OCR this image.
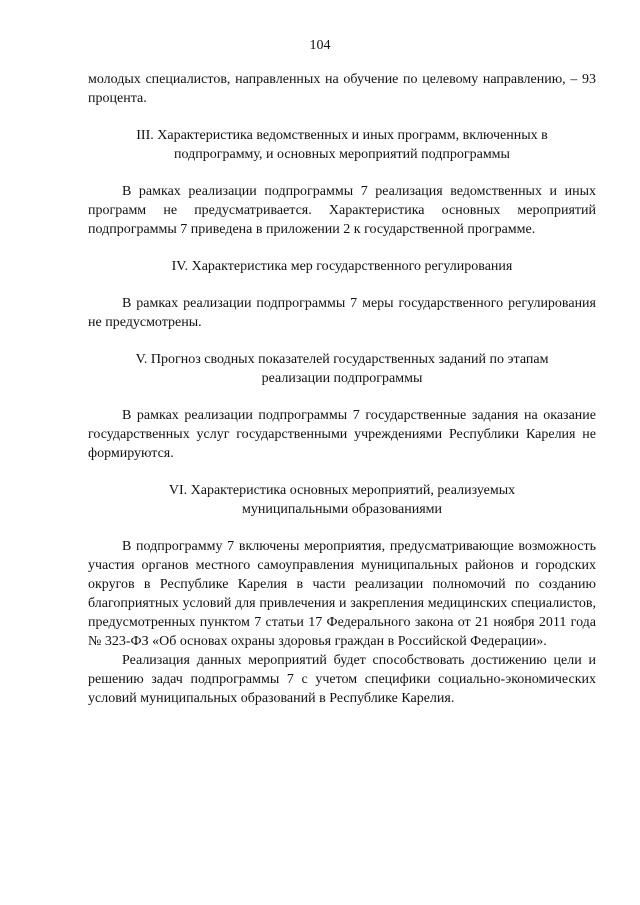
104

молодых специалистов, направленных на обучение по целевому направлению, – 93 процента.

III. Характеристика ведомственных и иных программ, включенных в подпрограмму, и основных мероприятий подпрограммы

В рамках реализации подпрограммы 7 реализация ведомственных и иных программ не предусматривается. Характеристика основных мероприятий подпрограммы 7 приведена в приложении 2 к государственной программе.

IV. Характеристика мер государственного регулирования

В рамках реализации подпрограммы 7 меры государственного регулирования не предусмотрены.

V. Прогноз сводных показателей государственных заданий по этапам реализации подпрограммы

В рамках реализации подпрограммы 7 государственные задания на оказание государственных услуг государственными учреждениями Республики Карелия не формируются.

VI. Характеристика основных мероприятий, реализуемых муниципальными образованиями

В подпрограмму 7 включены мероприятия, предусматривающие возможность участия органов местного самоуправления муниципальных районов и городских округов в Республике Карелия в части реализации полномочий по созданию благоприятных условий для привлечения и закрепления медицинских специалистов, предусмотренных пунктом 7 статьи 17 Федерального закона от 21 ноября 2011 года № 323-ФЗ «Об основах охраны здоровья граждан в Российской Федерации».

Реализация данных мероприятий будет способствовать достижению цели и решению задач подпрограммы 7 с учетом специфики социально-экономических условий муниципальных образований в Республике Карелия.
